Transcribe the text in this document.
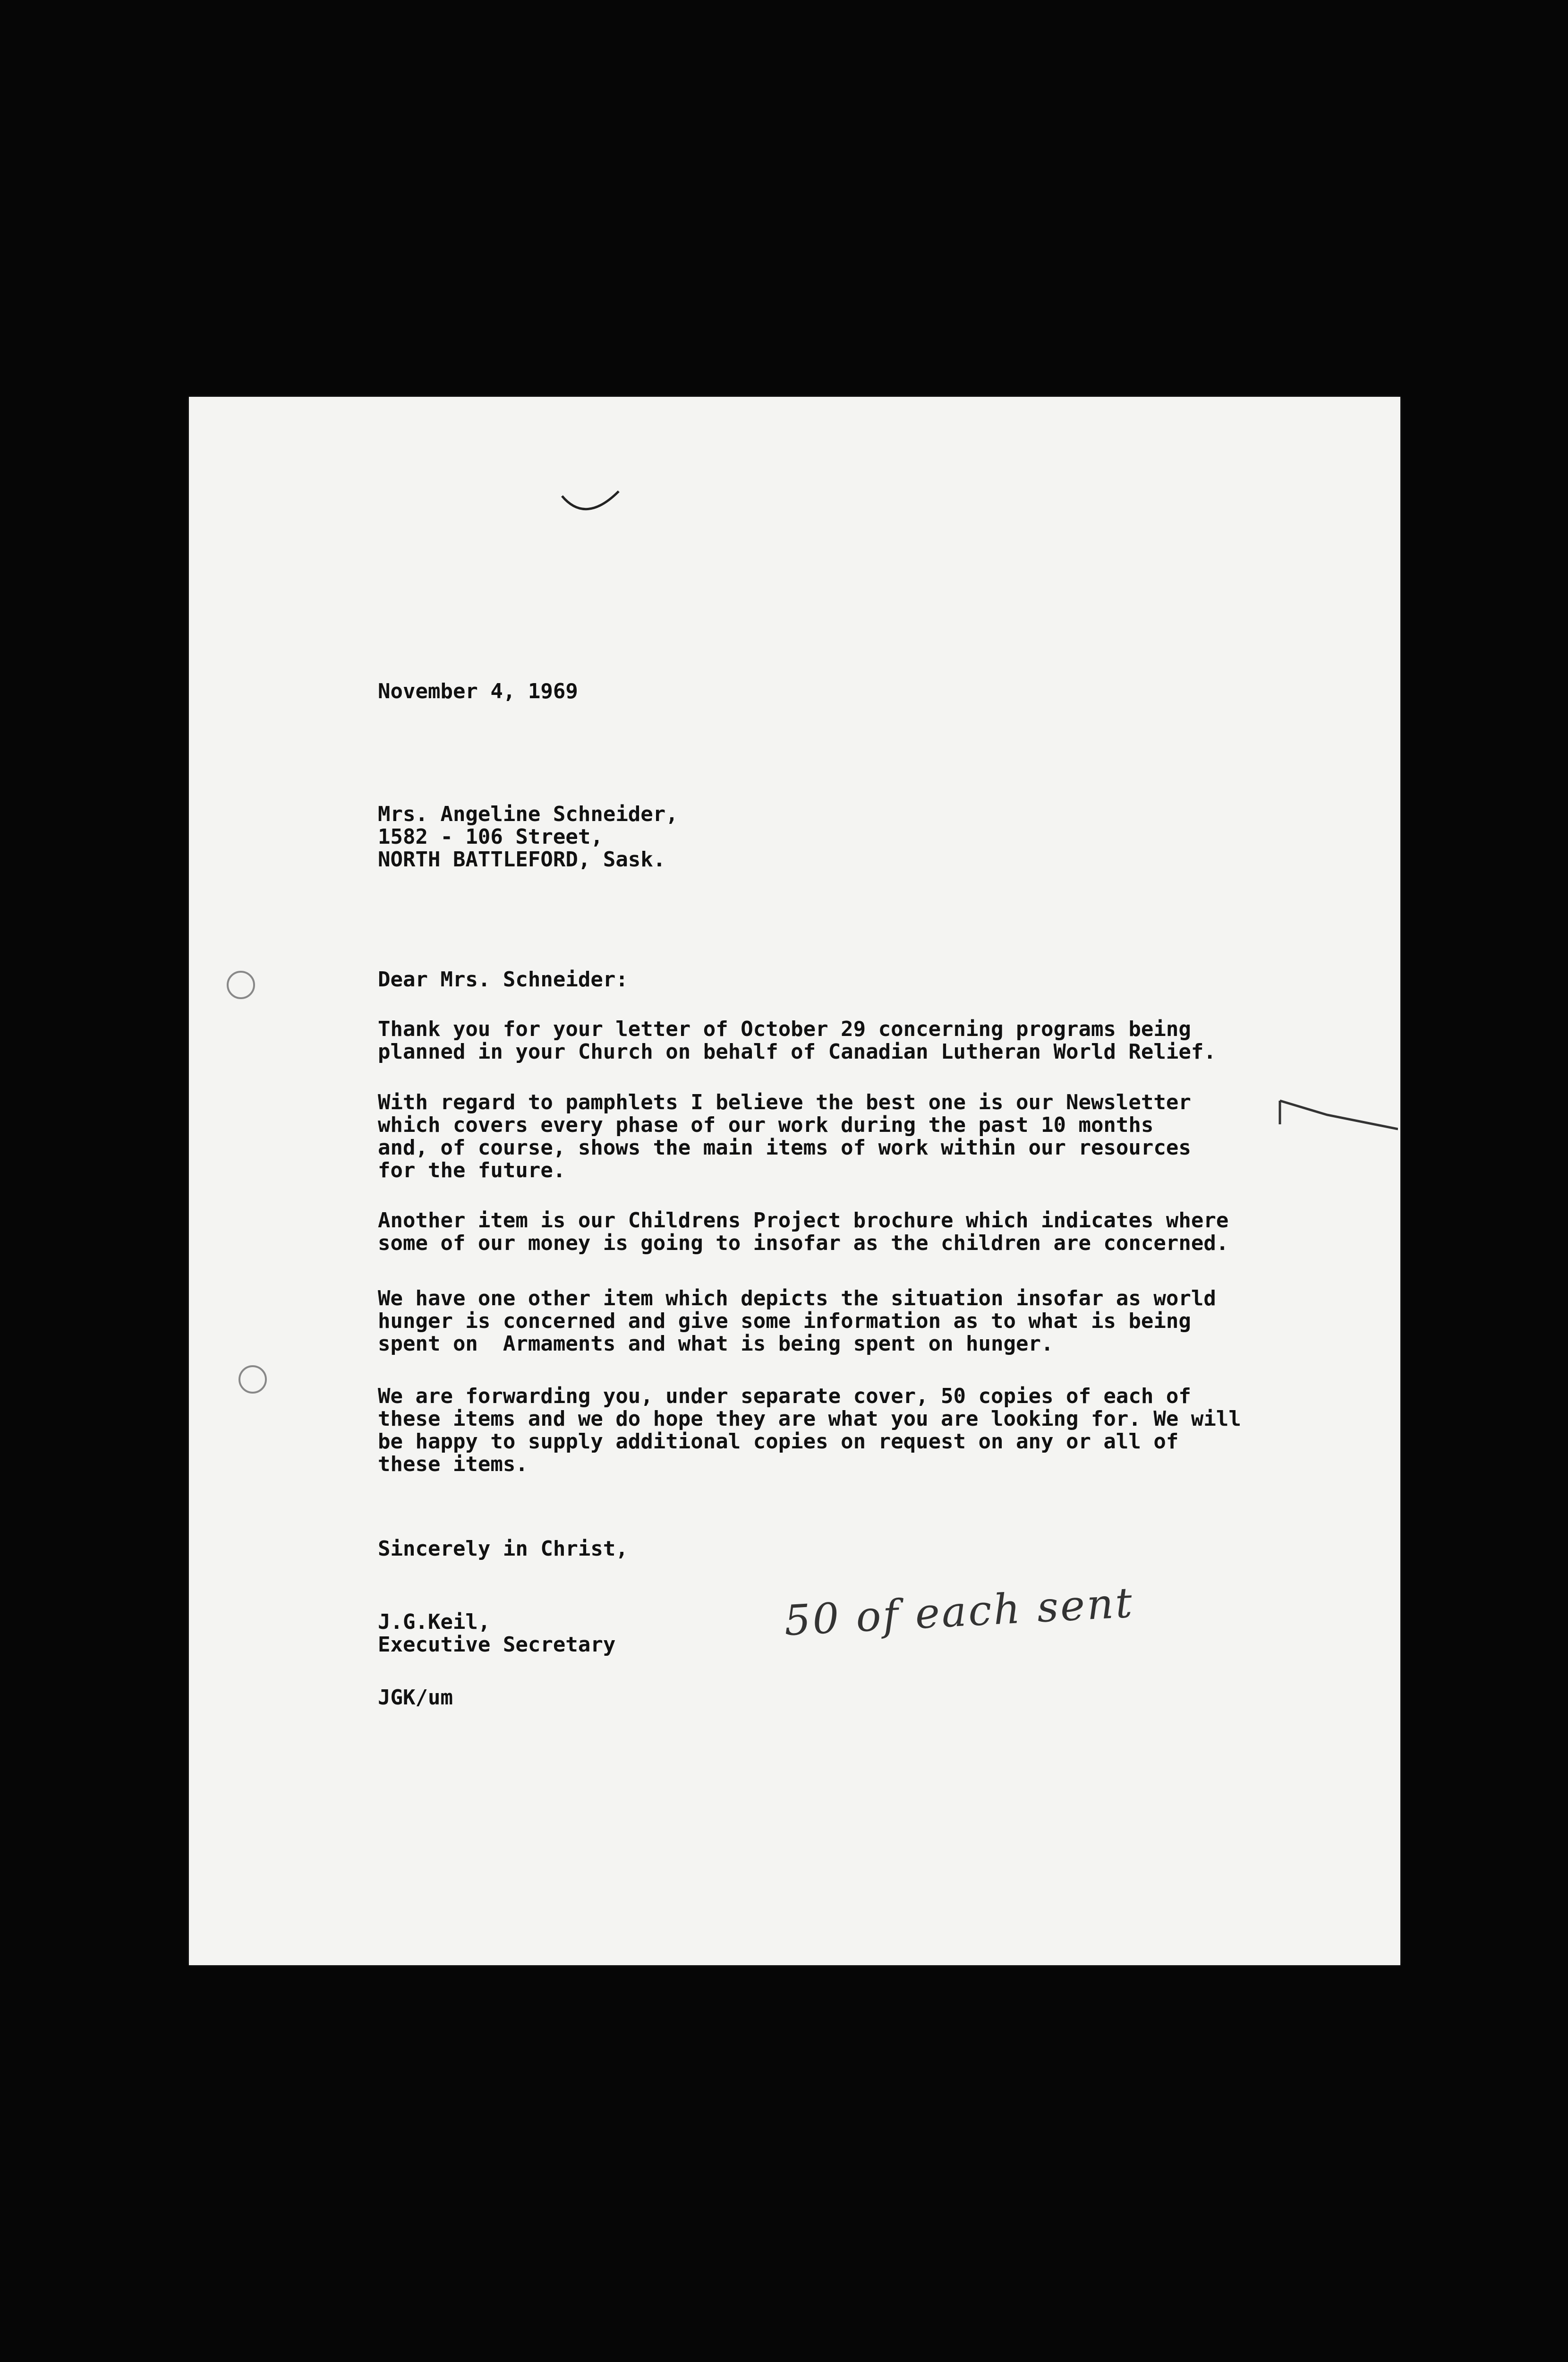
November 4, 1969
Mrs. Angeline Schneider,
1582 - 106 Street,
NORTH BATTLEFORD, Sask.
Dear Mrs. Schneider:
Thank you for your letter of October 29 concerning programs being
planned in your Church on behalf of Canadian Lutheran World Relief.
With regard to pamphlets I believe the best one is our Newsletter
which covers every phase of our work during the past 10 months
and, of course, shows the main items of work within our resources
for the future.
Another item is our Childrens Project brochure which indicates where
some of our money is going to insofar as the children are concerned.
We have one other item which depicts the situation insofar as world
hunger is concerned and give some information as to what is being
spent on  Armaments and what is being spent on hunger.
We are forwarding you, under separate cover, 50 copies of each of
these items and we do hope they are what you are looking for. We will
be happy to supply additional copies on request on any or all of
these items.
Sincerely in Christ,
J.G.Keil,
Executive Secretary
JGK/um
50 of each sent
